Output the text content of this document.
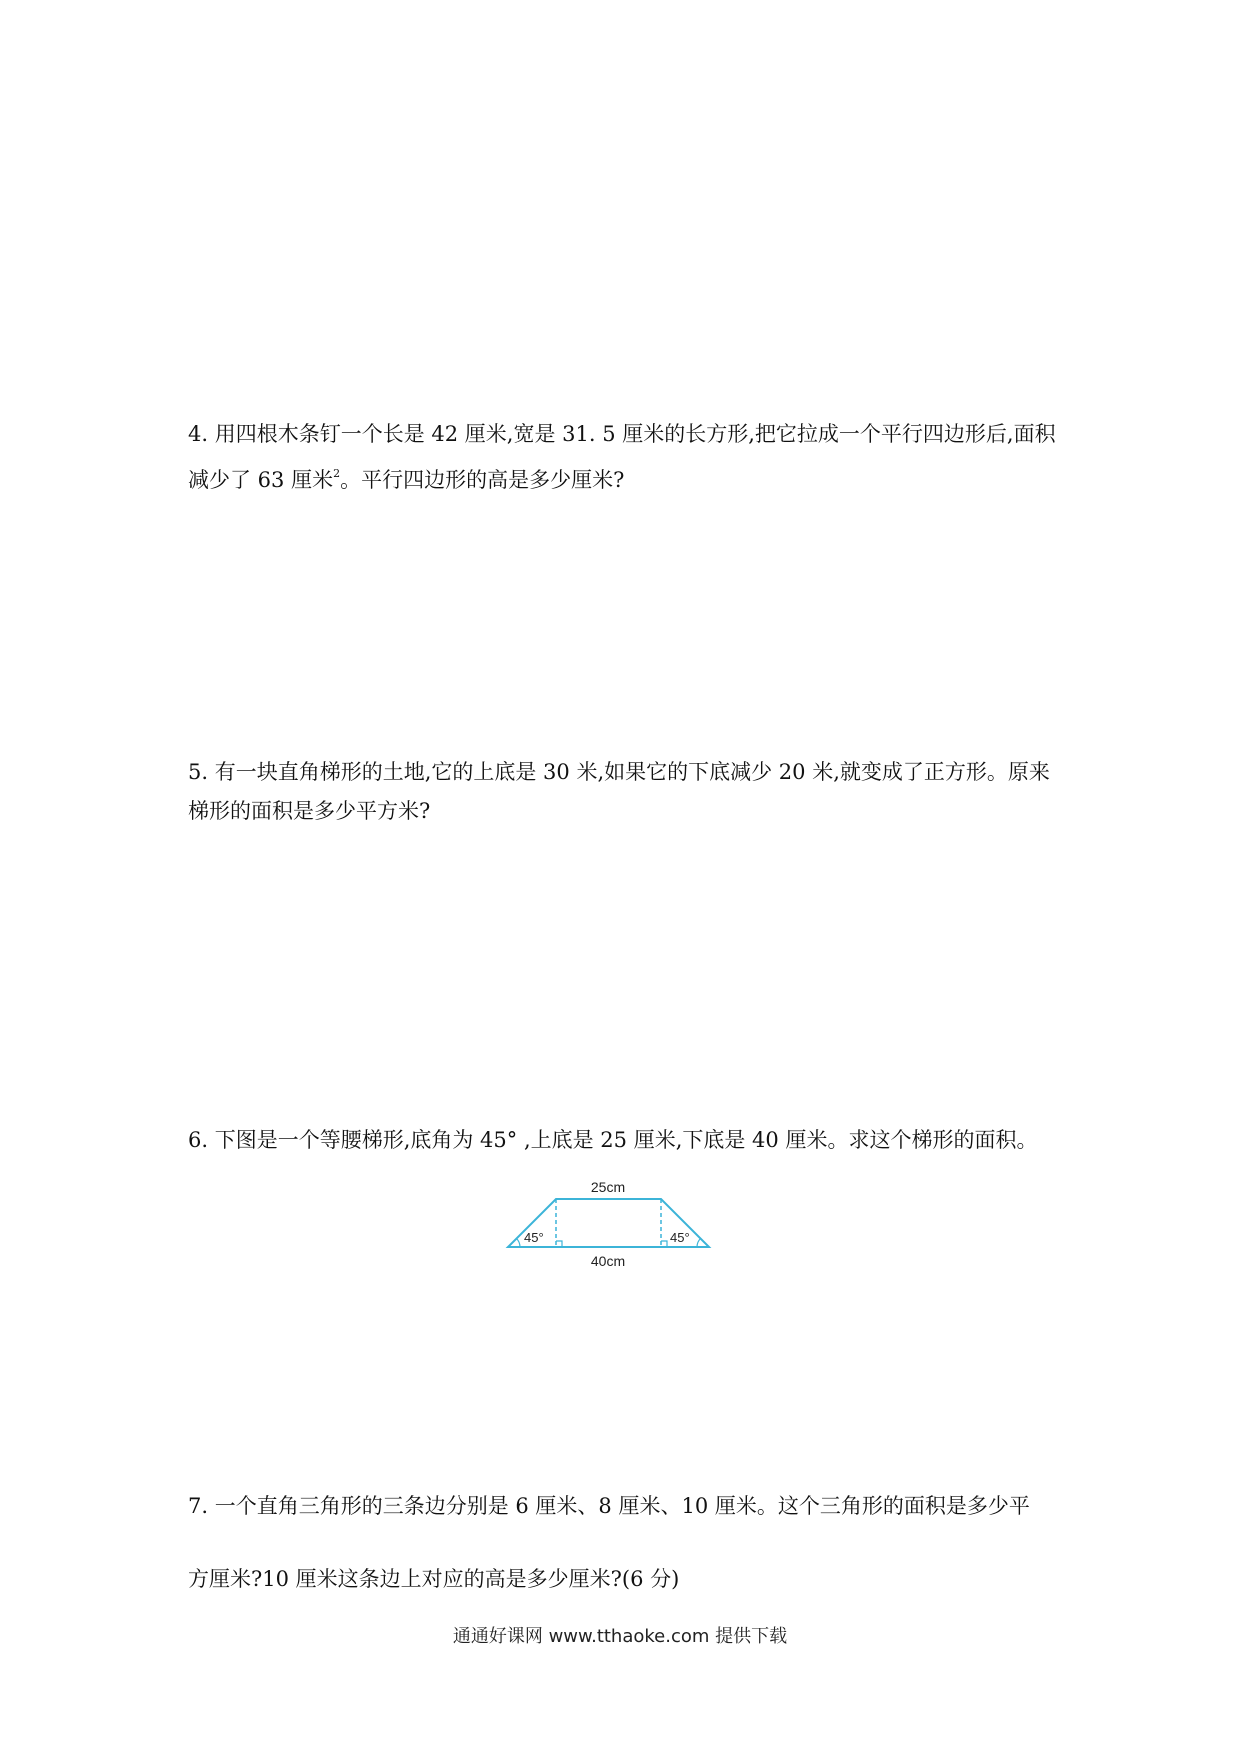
4. 用四根木条钉一个长是 42 厘米,宽是 31. 5 厘米的长方形,把它拉成一个平行四边形后,面积
减少了 63 厘米$^2$。平行四边形的高是多少厘米?
5. 有一块直角梯形的土地,它的上底是 30 米,如果它的下底减少 20 米,就变成了正方形。原来
梯形的面积是多少平方米?
6. 下图是一个等腰梯形,底角为 45° ,上底是 25 厘米,下底是 40 厘米。求这个梯形的面积。
25cm
40cm
45°	45°
7. 一个直角三角形的三条边分别是 6 厘米、8 厘米、10 厘米。这个三角形的面积是多少平
方厘米?10 厘米这条边上对应的高是多少厘米?(6 分)
通通好课网 www.tthaoke.com 提供下载
